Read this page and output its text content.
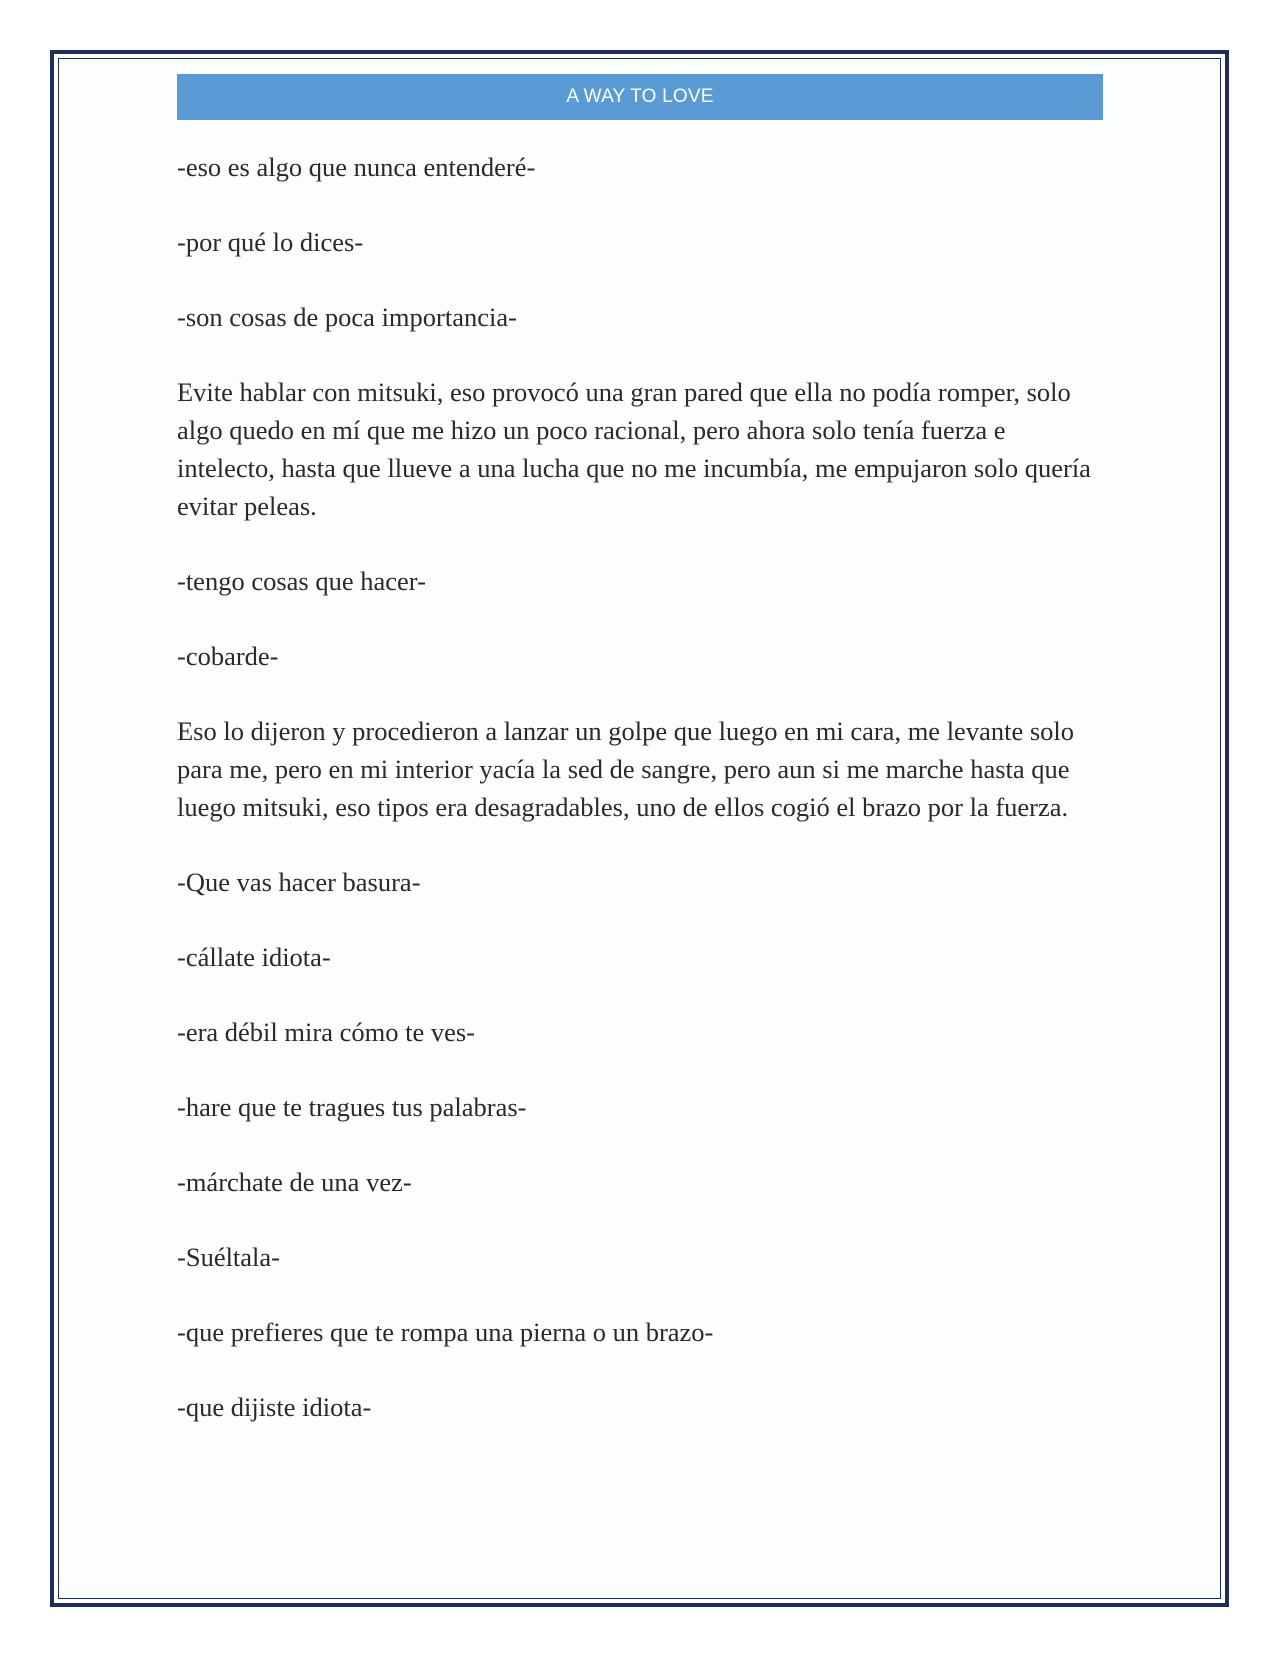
A WAY TO LOVE

-eso es algo que nunca entenderé-

-por qué lo dices-

-son cosas de poca importancia-

Evite hablar con mitsuki, eso provocó una gran pared que ella no podía romper, solo algo quedo en mí que me hizo un poco racional, pero ahora solo tenía fuerza e intelecto, hasta que llueve a una lucha que no me incumbía, me empujaron solo quería evitar peleas.

-tengo cosas que hacer-

-cobarde-

Eso lo dijeron y procedieron a lanzar un golpe que luego en mi cara, me levante solo para me, pero en mi interior yacía la sed de sangre, pero aun si me marche hasta que luego mitsuki, eso tipos era desagradables, uno de ellos cogió el brazo por la fuerza.

-Que vas hacer basura-

-cállate idiota-

-era débil mira cómo te ves-

-hare que te tragues tus palabras-

-márchate de una vez-

-Suéltala-

-que prefieres que te rompa una pierna o un brazo-

-que dijiste idiota-
